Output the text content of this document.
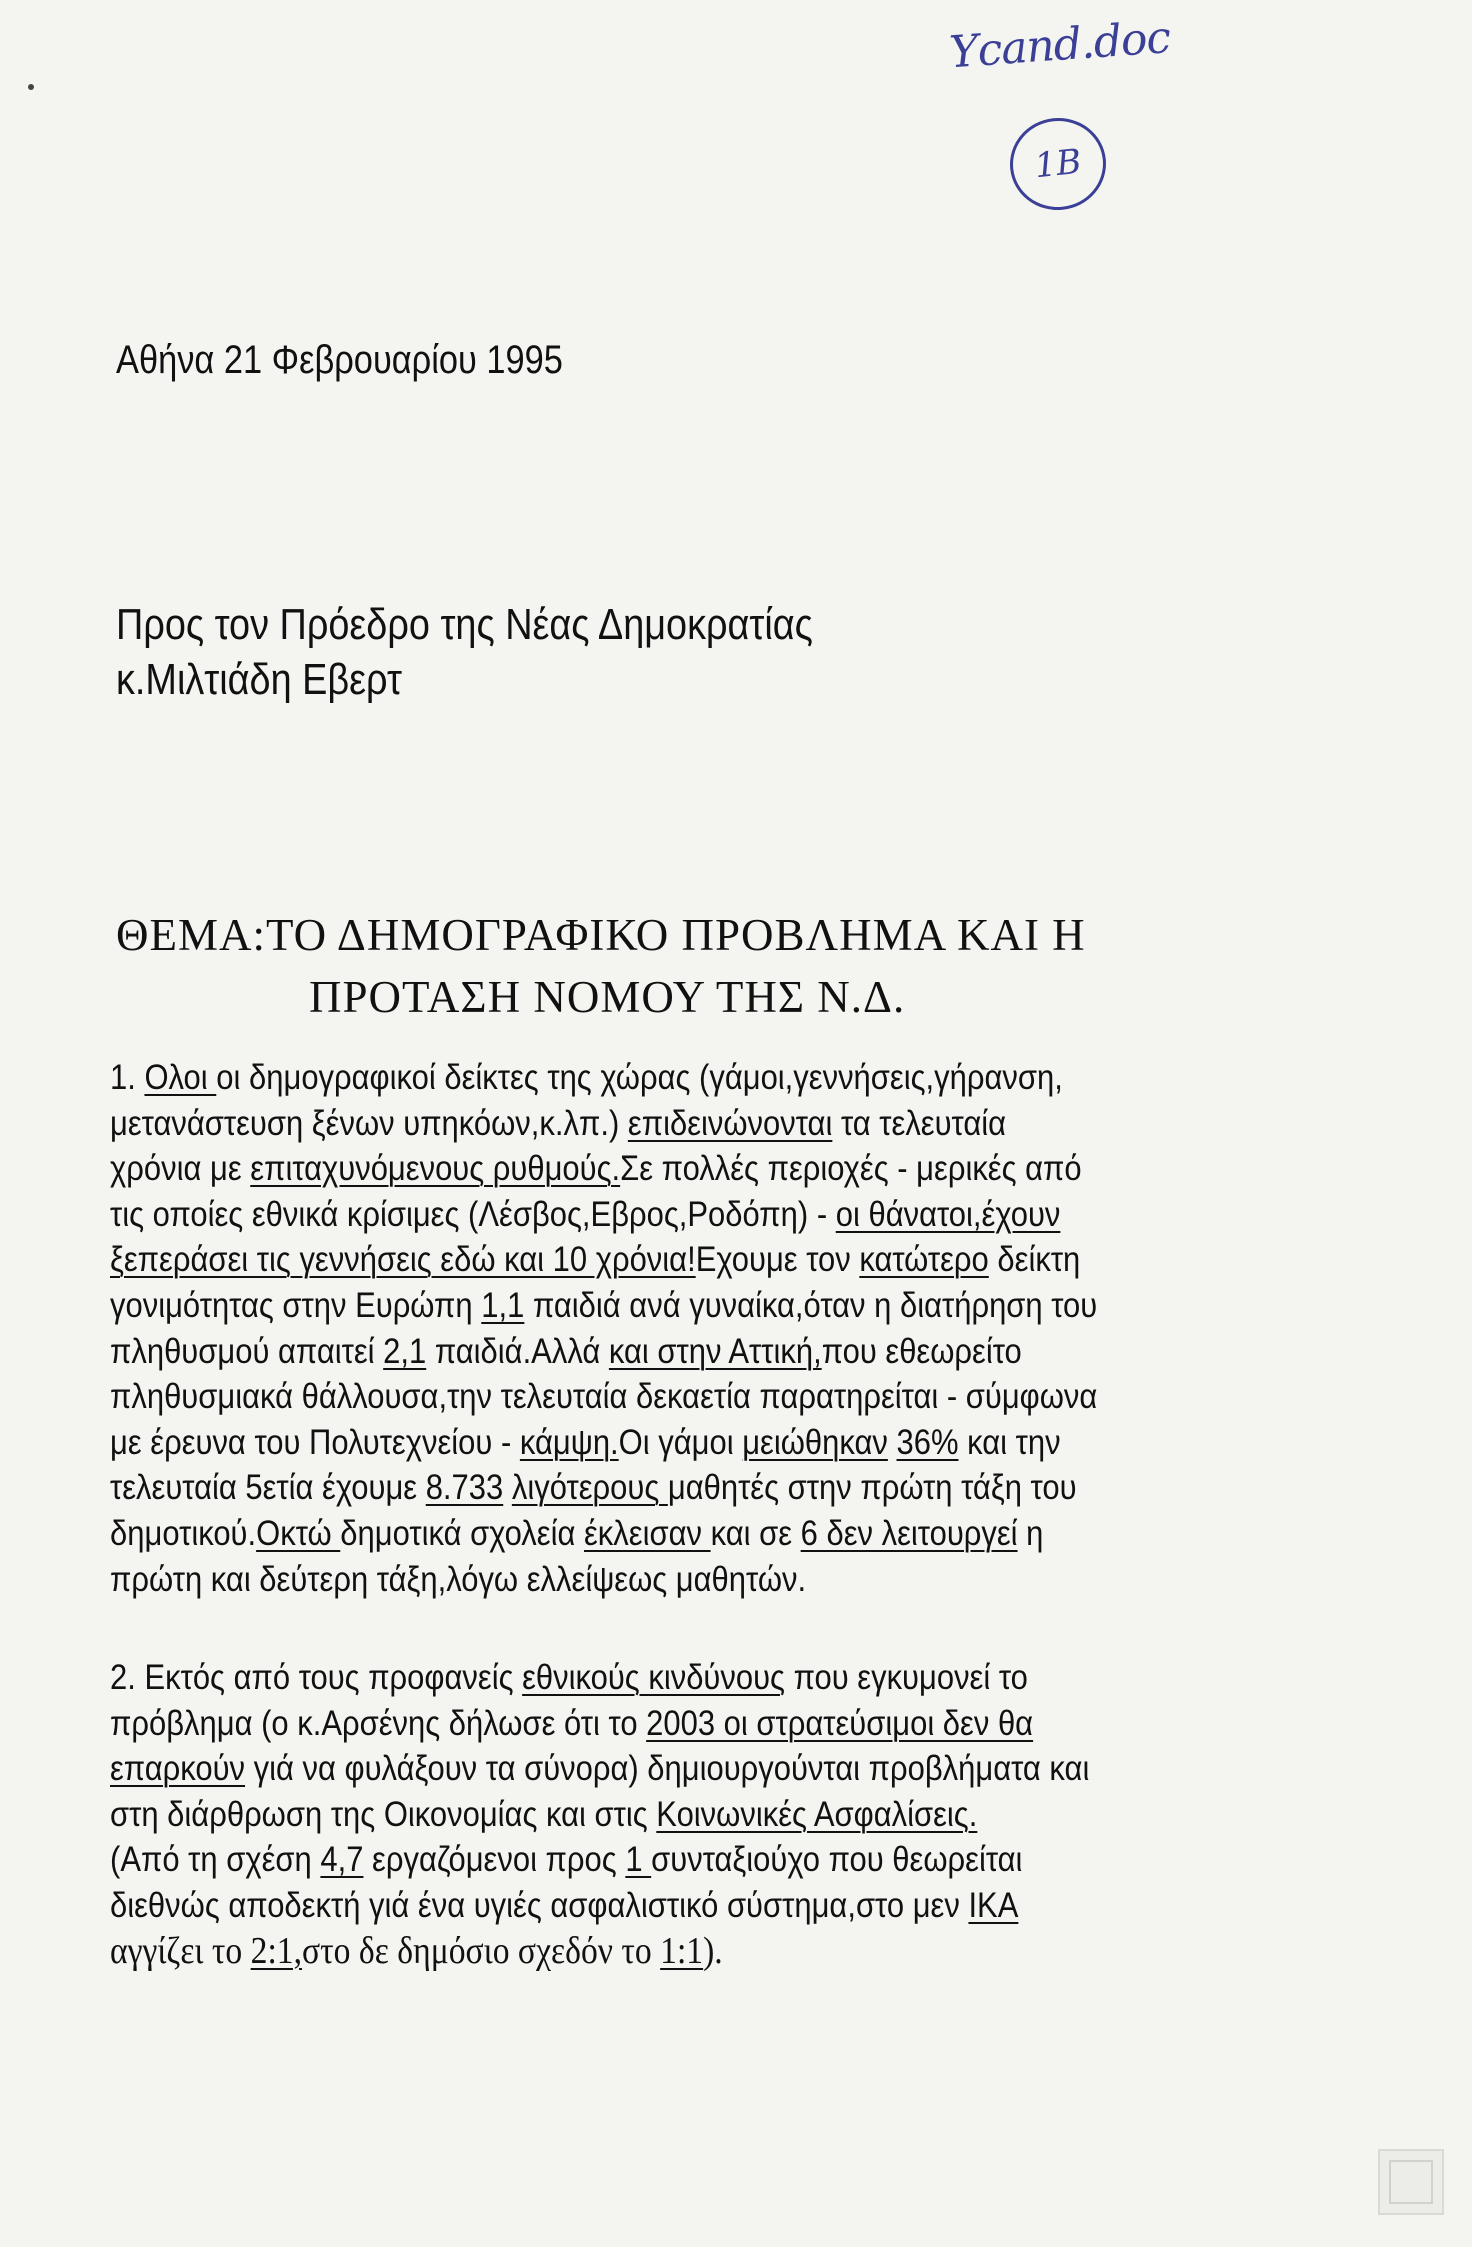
Ycand.doc
1B
Αθήνα 21 Φεβρουαρίου 1995
Προς τον Πρόεδρο της Νέας Δημοκρατίας
κ.Μιλτιάδη Εβερτ
ΘΕΜΑ:ΤΟ ΔΗΜΟΓΡΑΦΙΚΟ ΠΡΟΒΛΗΜΑ ΚΑΙ Η
ΠΡΟΤΑΣΗ ΝΟΜΟΥ ΤΗΣ Ν.Δ.
1. Ολοι οι δημογραφικοί δείκτες της χώρας (γάμοι,γεννήσεις,γήρανση,
μετανάστευση ξένων υπηκόων,κ.λπ.) επιδεινώνονται τα τελευταία
χρόνια με επιταχυνόμενους ρυθμούς.Σε πολλές περιοχές - μερικές από
τις οποίες εθνικά κρίσιμες (Λέσβος,Εβρος,Ροδόπη) - οι θάνατοι,έχουν
ξεπεράσει τις γεννήσεις εδώ και 10 χρόνια!Εχουμε τον κατώτερο δείκτη
γονιμότητας στην Ευρώπη 1,1 παιδιά ανά γυναίκα,όταν η διατήρηση του
πληθυσμού απαιτεί 2,1 παιδιά.Αλλά και στην Αττική,που εθεωρείτο
πληθυσμιακά θάλλουσα,την τελευταία δεκαετία παρατηρείται - σύμφωνα
με έρευνα του Πολυτεχνείου - κάμψη.Οι γάμοι μειώθηκαν 36% και την
τελευταία 5ετία έχουμε 8.733 λιγότερους μαθητές στην πρώτη τάξη του
δημοτικού.Οκτώ δημοτικά σχολεία έκλεισαν και σε 6 δεν λειτουργεί η
πρώτη και δεύτερη τάξη,λόγω ελλείψεως μαθητών.
2. Εκτός από τους προφανείς εθνικούς κινδύνους που εγκυμονεί το
πρόβλημα (ο κ.Αρσένης δήλωσε ότι το 2003 οι στρατεύσιμοι δεν θα
επαρκούν γιά να φυλάξουν τα σύνορα) δημιουργούνται προβλήματα και
στη διάρθρωση της Οικονομίας και στις Κοινωνικές Ασφαλίσεις.
(Από τη σχέση 4,7 εργαζόμενοι προς 1 συνταξιούχο που θεωρείται
διεθνώς αποδεκτή γιά ένα υγιές ασφαλιστικό σύστημα,στο μεν ΙΚΑ
αγγίζει το 2:1,στο δε δημόσιο σχεδόν το 1:1).
